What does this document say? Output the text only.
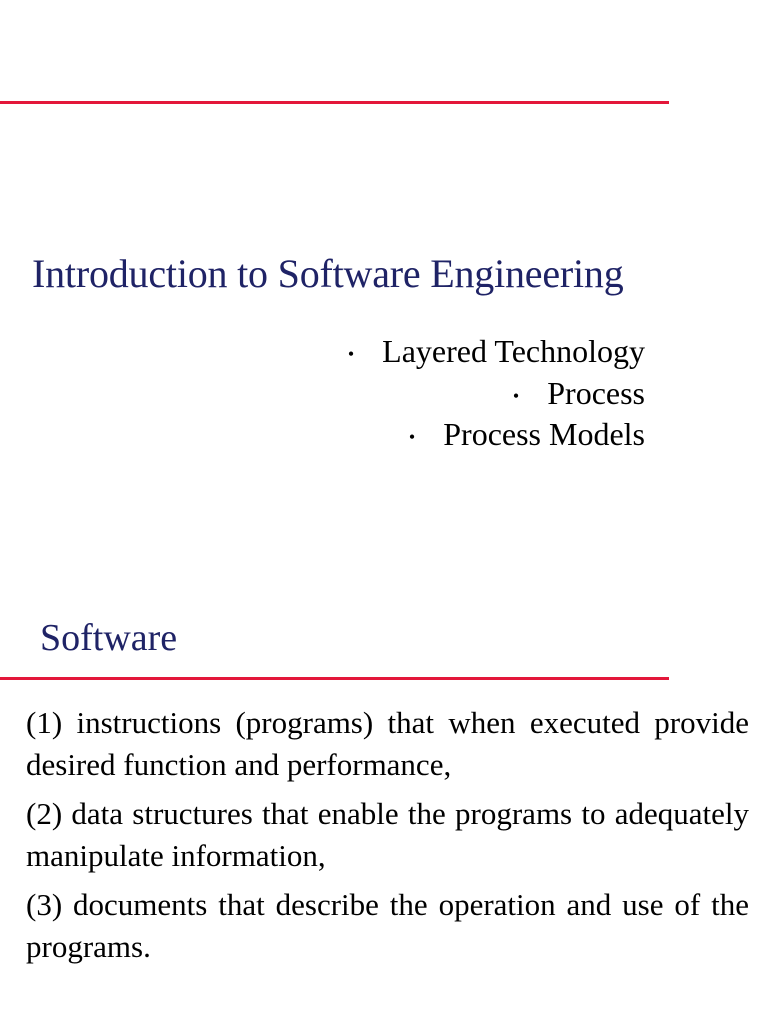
Introduction to Software Engineering
• Layered Technology
• Process
• Process Models
Software
(1) instructions (programs) that when executed provide desired function and performance,
(2) data structures that enable the programs to adequately manipulate information,
(3) documents that describe the operation and use of the programs.
